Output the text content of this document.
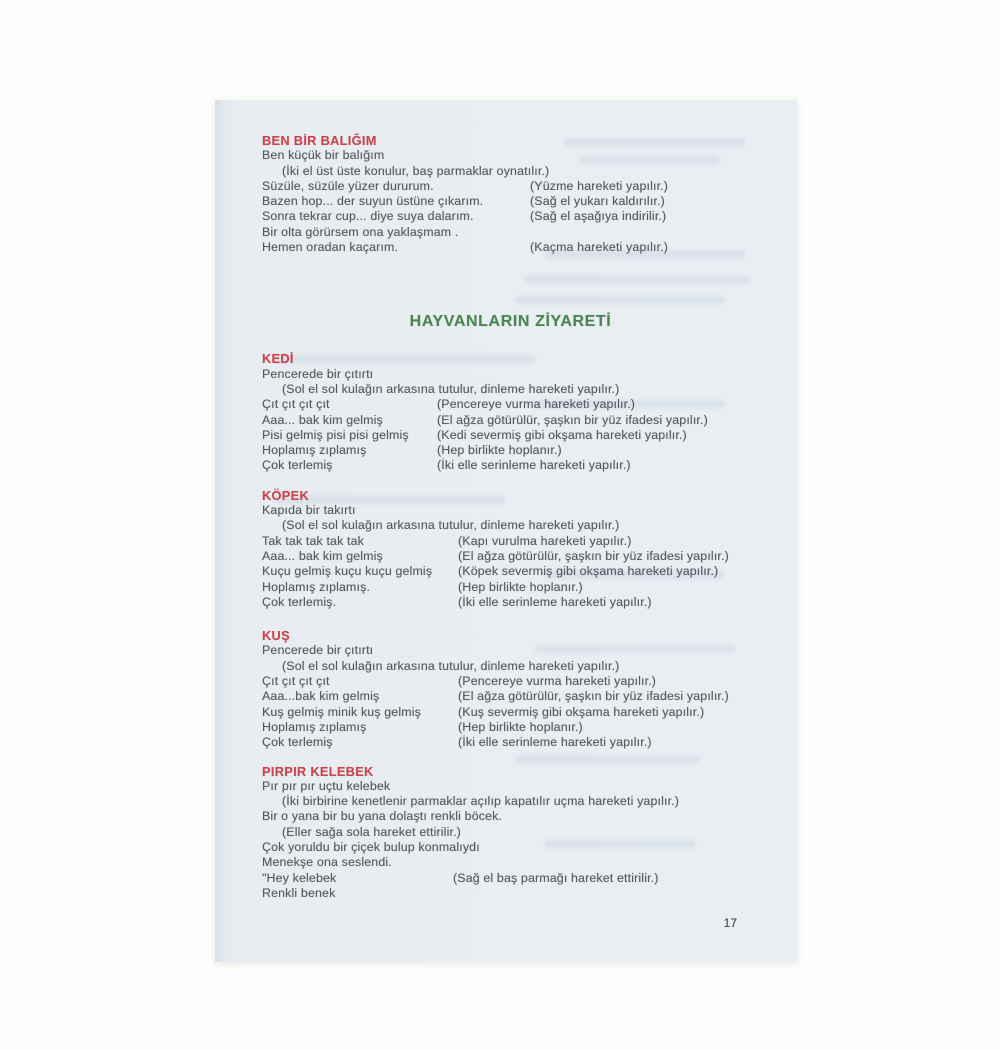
BEN BİR BALIĞIM
Ben küçük bir balığım
(İki el üst üste konulur, baş parmaklar oynatılır.)
Süzüle, süzüle yüzer dururum.	(Yüzme hareketi yapılır.)
Bazen hop... der suyun üstüne çıkarım.	(Sağ el yukarı kaldırılır.)
Sonra tekrar cup... diye suya dalarım.	(Sağ el aşağıya indirilir.)
Bir olta görürsem ona yaklaşmam .
Hemen oradan kaçarım.	(Kaçma hareketi yapılır.)
HAYVANLARIN ZİYARETİ
KEDİ
Pencerede bir çıtırtı
(Sol el sol kulağın arkasına tutulur, dinleme hareketi yapılır.)
Çıt çıt çıt çıt	(Pencereye vurma hareketi yapılır.)
Aaa... bak kim gelmiş	(El ağza götürülür, şaşkın bir yüz ifadesi yapılır.)
Pisi gelmiş pisi pisi gelmiş	(Kedi severmiş gibi okşama hareketi yapılır.)
Hoplamış zıplamış	(Hep birlikte hoplanır.)
Çok terlemiş	(İki elle serinleme hareketi yapılır.)
KÖPEK
Kapıda bir takırtı
(Sol el sol kulağın arkasına tutulur, dinleme hareketi yapılır.)
Tak tak tak tak tak	(Kapı vurulma hareketi yapılır.)
Aaa... bak kim gelmiş	(El ağza götürülür, şaşkın bir yüz ifadesi yapılır.)
Kuçu gelmiş kuçu kuçu gelmiş	(Köpek severmiş gibi okşama hareketi yapılır.)
Hoplamış zıplamış.	(Hep birlikte hoplanır.)
Çok terlemiş.	(İki elle serinleme hareketi yapılır.)
KUŞ
Pencerede bir çıtırtı
(Sol el sol kulağın arkasına tutulur, dinleme hareketi yapılır.)
Çıt çıt çıt çıt	(Pencereye vurma hareketi yapılır.)
Aaa...bak kim gelmiş	(El ağza götürülür, şaşkın bir yüz ifadesi yapılır.)
Kuş gelmiş minik kuş gelmiş	(Kuş severmiş gibi okşama hareketi yapılır.)
Hoplamış zıplamış	(Hep birlikte hoplanır.)
Çok terlemiş	(İki elle serinleme hareketi yapılır.)
PIRPIR KELEBEK
Pır pır pır uçtu kelebek
(İki birbirine kenetlenir parmaklar açılıp kapatılır uçma hareketi yapılır.)
Bir o yana bir bu yana dolaştı renkli böcek.
(Eller sağa sola hareket ettirilir.)
Çok yoruldu bir çiçek bulup konmalıydı
Menekşe ona seslendi.
"Hey kelebek	(Sağ el baş parmağı hareket ettirilir.)
Renkli benek
17
